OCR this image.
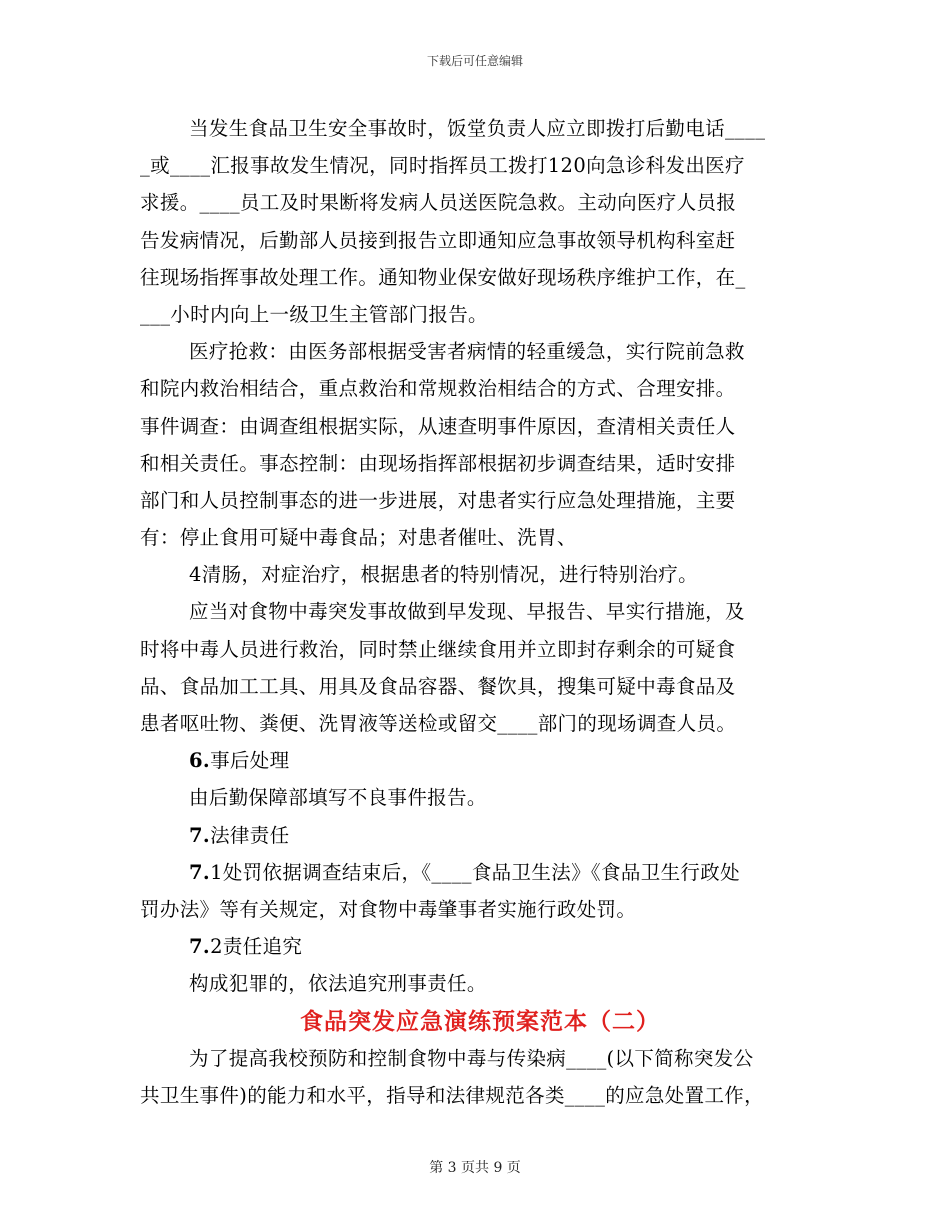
下载后可任意编辑
当发生食品卫生安全事故时，饭堂负责人应立即拨打后勤电话____
_或____汇报事故发生情况，同时指挥员工拨打120向急诊科发出医疗
求援。____员工及时果断将发病人员送医院急救。主动向医疗人员报
告发病情况，后勤部人员接到报告立即通知应急事故领导机构科室赶
往现场指挥事故处理工作。通知物业保安做好现场秩序维护工作，在_
___小时内向上一级卫生主管部门报告。
医疗抢救：由医务部根据受害者病情的轻重缓急，实行院前急救
和院内救治相结合，重点救治和常规救治相结合的方式、合理安排。
事件调查：由调查组根据实际，从速查明事件原因，查清相关责任人
和相关责任。事态控制：由现场指挥部根据初步调查结果，适时安排
部门和人员控制事态的进一步进展，对患者实行应急处理措施，主要
有：停止食用可疑中毒食品；对患者催吐、洗胃、
4清肠，对症治疗，根据患者的特别情况，进行特别治疗。
应当对食物中毒突发事故做到早发现、早报告、早实行措施，及
时将中毒人员进行救治，同时禁止继续食用并立即封存剩余的可疑食
品、食品加工工具、用具及食品容器、餐饮具，搜集可疑中毒食品及
患者呕吐物、粪便、洗胃液等送检或留交____部门的现场调查人员。
6.事后处理
由后勤保障部填写不良事件报告。
7.法律责任
7.1处罚依据调查结束后，《____食品卫生法》《食品卫生行政处
罚办法》等有关规定，对食物中毒肇事者实施行政处罚。
7.2责任追究
构成犯罪的，依法追究刑事责任。
食品突发应急演练预案范本（二）
为了提高我校预防和控制食物中毒与传染病____(以下简称突发公
共卫生事件)的能力和水平，指导和法律规范各类____的应急处置工作，
第 3 页共 9 页
